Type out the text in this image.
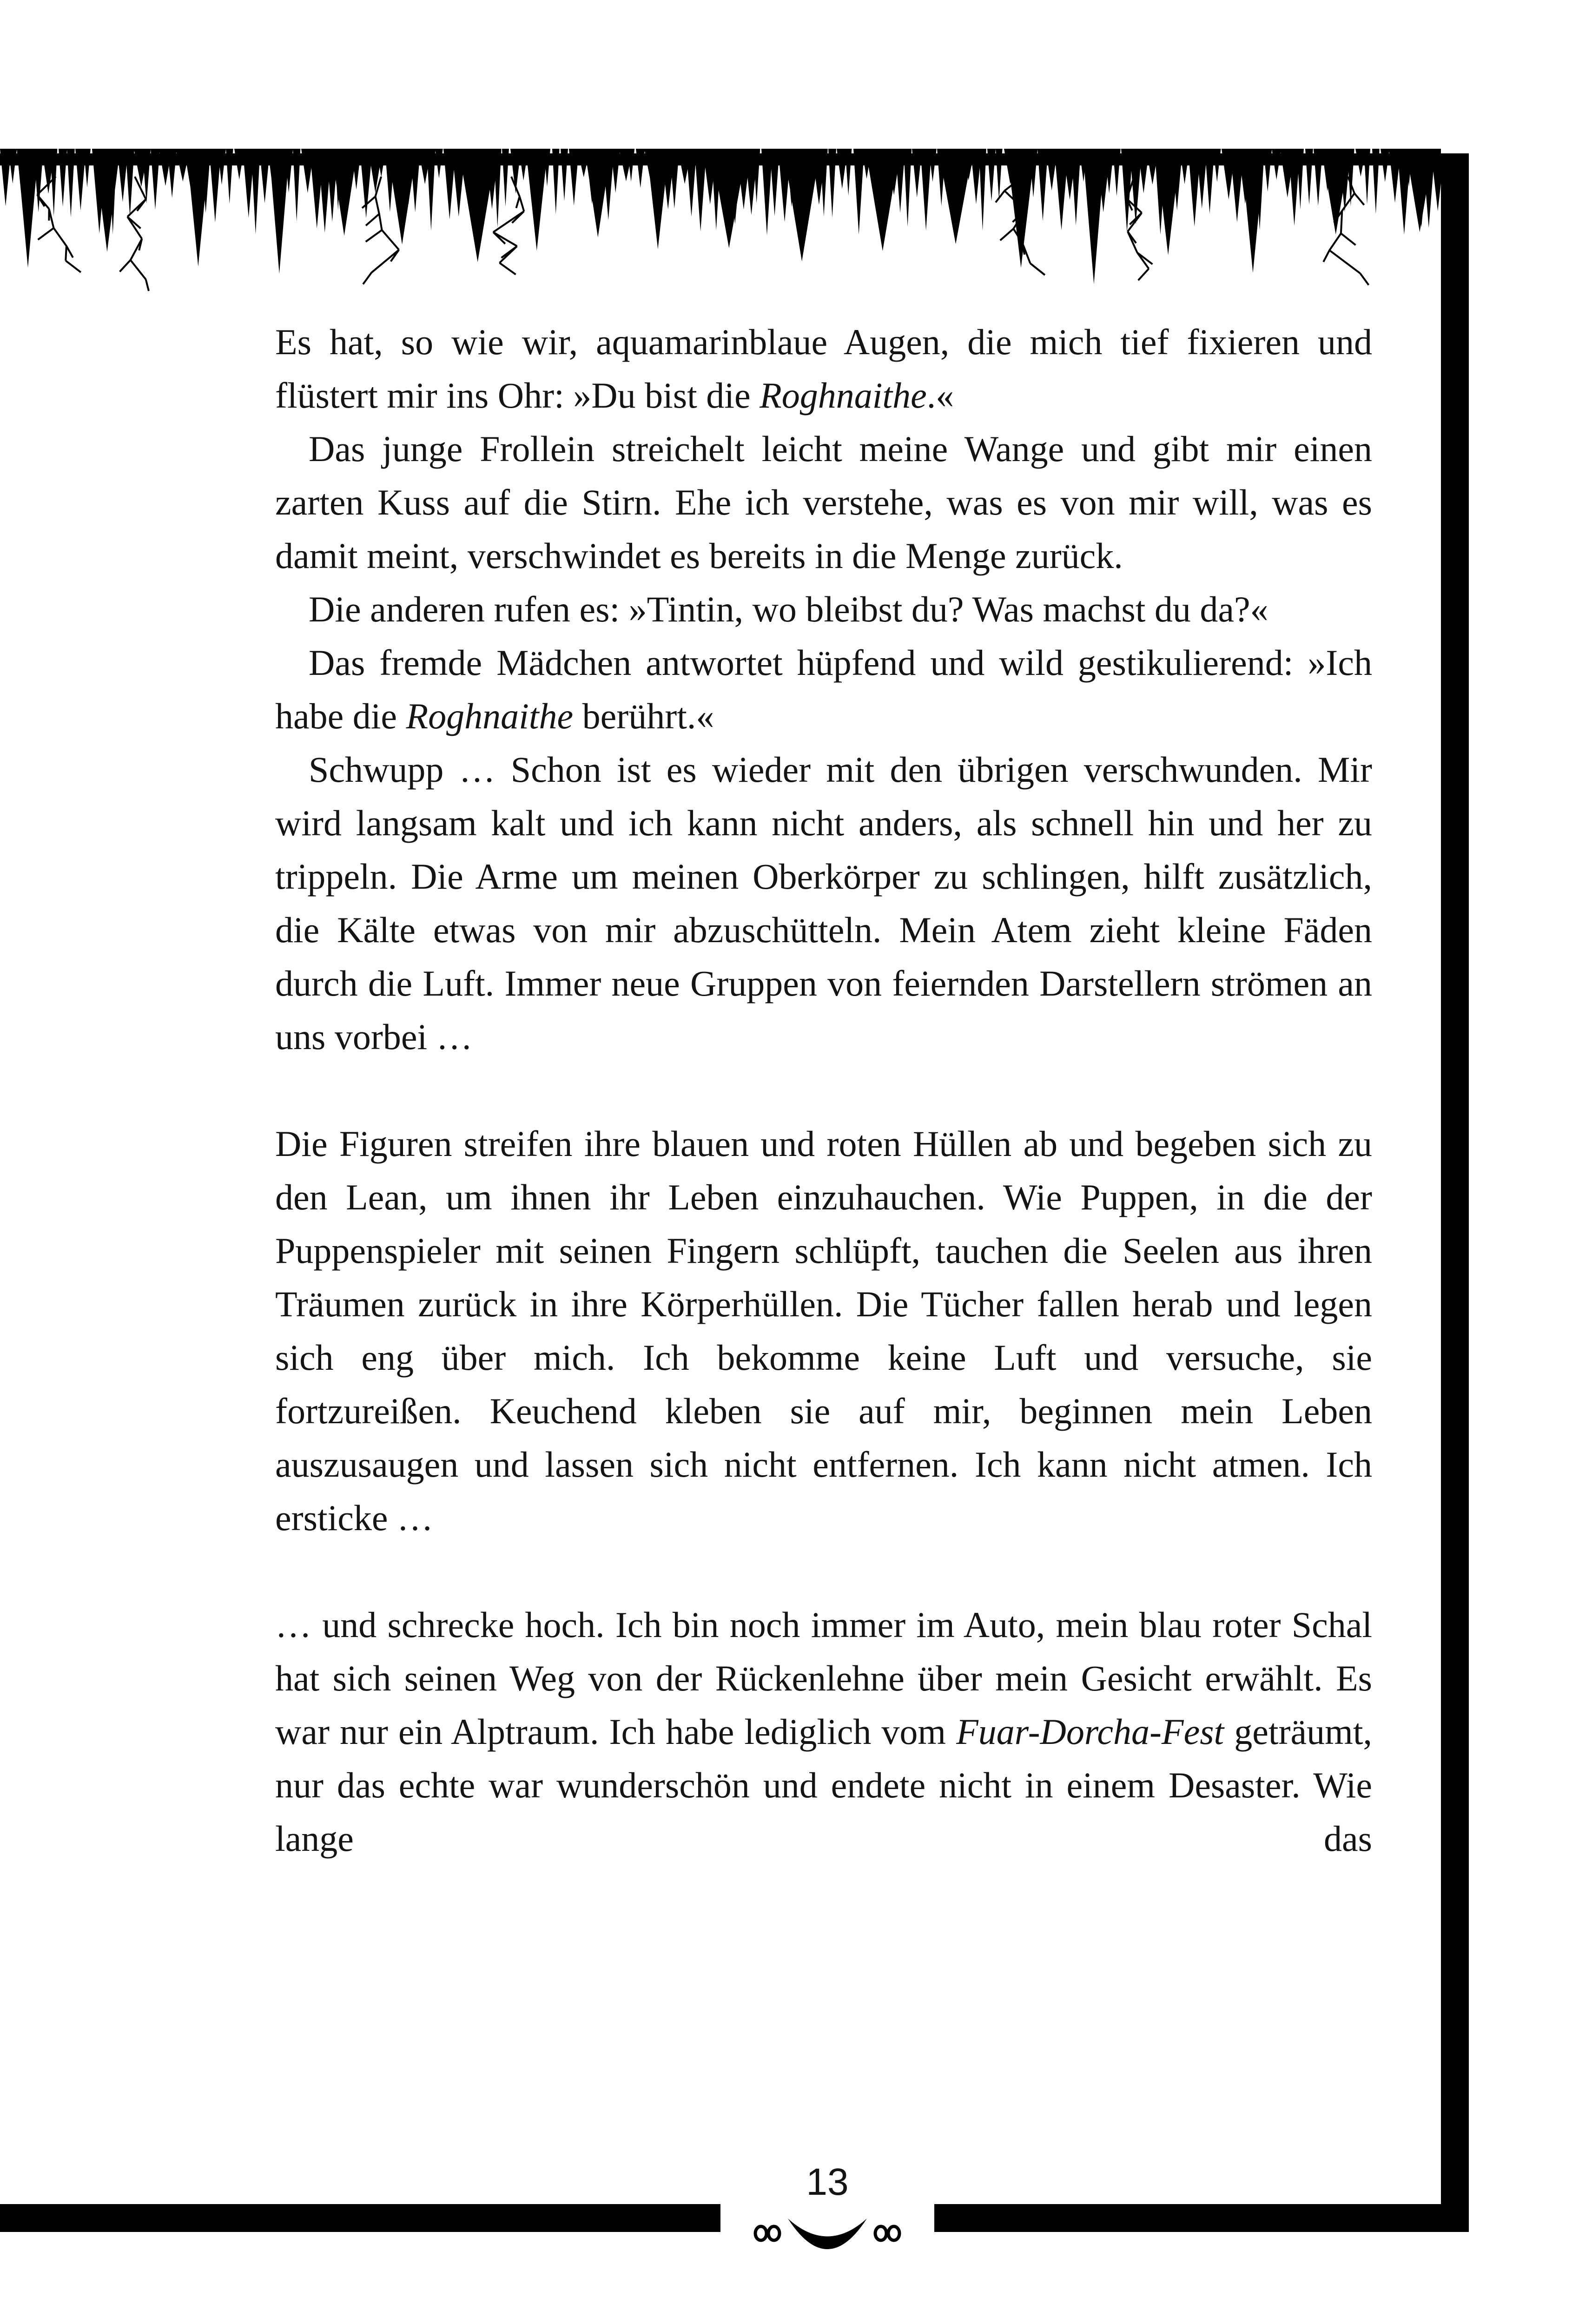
Es hat, so wie wir, aquamarinblaue Augen, die mich tief fixieren und flüstert mir ins Ohr: »Du bist die Roghnaithe.«

Das junge Frollein streichelt leicht meine Wange und gibt mir einen zarten Kuss auf die Stirn. Ehe ich verstehe, was es von mir will, was es damit meint, verschwindet es bereits in die Menge zurück.

Die anderen rufen es: »Tintin, wo bleibst du? Was machst du da?«

Das fremde Mädchen antwortet hüpfend und wild gestikulierend: »Ich habe die Roghnaithe berührt.«

Schwupp … Schon ist es wieder mit den übrigen verschwunden. Mir wird langsam kalt und ich kann nicht anders, als schnell hin und her zu trippeln. Die Arme um meinen Oberkörper zu schlingen, hilft zusätzlich, die Kälte etwas von mir abzuschütteln. Mein Atem zieht kleine Fäden durch die Luft. Immer neue Gruppen von feiernden Darstellern strömen an uns vorbei …

Die Figuren streifen ihre blauen und roten Hüllen ab und begeben sich zu den Lean, um ihnen ihr Leben einzuhauchen. Wie Puppen, in die der Puppenspieler mit seinen Fingern schlüpft, tauchen die Seelen aus ihren Träumen zurück in ihre Körperhüllen. Die Tücher fallen herab und legen sich eng über mich. Ich bekomme keine Luft und versuche, sie fortzureißen. Keuchend kleben sie auf mir, beginnen mein Leben auszusaugen und lassen sich nicht entfernen. Ich kann nicht atmen. Ich ersticke …

… und schrecke hoch. Ich bin noch immer im Auto, mein blau roter Schal hat sich seinen Weg von der Rückenlehne über mein Gesicht erwählt. Es war nur ein Alptraum. Ich habe lediglich vom Fuar-Dorcha-Fest geträumt, nur das echte war wunderschön und endete nicht in einem Desaster. Wie lange das

13
